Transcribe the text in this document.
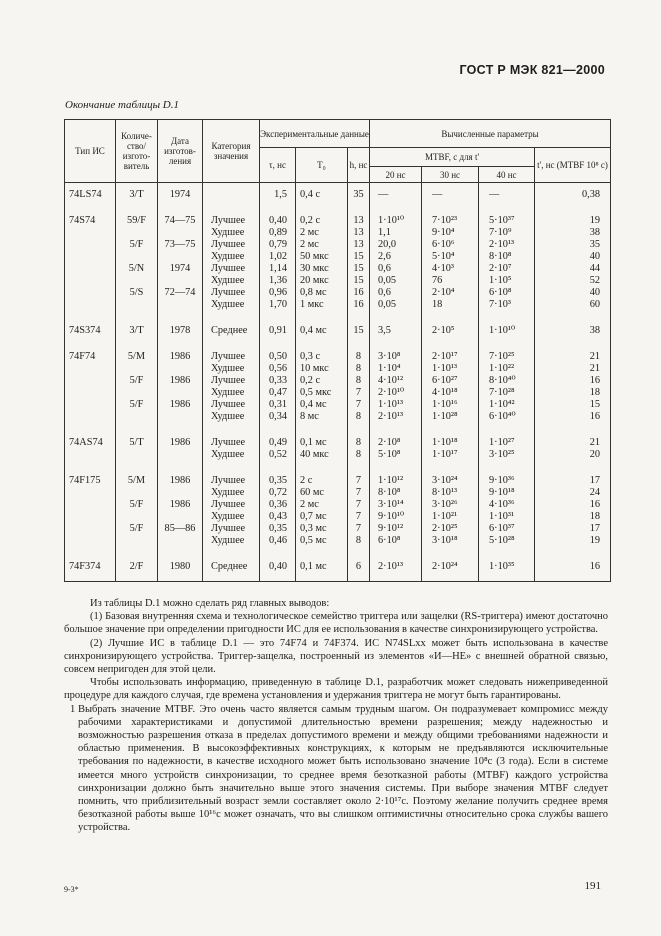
ГОСТ Р МЭК 821—2000
Окончание таблицы D.1
Тип ИС	Количество/ изготовитель	Дата изготовления	Категория значения	Экспериментальные данные			Вычисленные параметры			
				τ, нс	T₀	h, нс	MTBF, с для t'			t', нс (MTBF 10⁸ с)
							20 нс	30 нс	40 нс	
74LS74	3/T	1974		1,5	0,4 с	35	—	—	—	0,38
74S74	59/F	74—75	Лучшее	0,40	0,2 с	13	1·10¹⁰	7·10²³	5·10³⁷	19
			Худшее	0,89	2 мс	13	1,1	9·10⁴	7·10⁹	38
	5/F	73—75	Лучшее	0,79	2 мс	13	20,0	6·10⁶	2·10¹³	35
			Худшее	1,02	50 мкс	15	2,6	5·10⁴	8·10⁸	40
	5/N	1974	Лучшее	1,14	30 мкс	15	0,6	4·10³	2·10⁷	44
			Худшее	1,36	20 мкс	15	0,05	76	1·10⁵	52
	5/S	72—74	Лучшее	0,96	0,8 мс	16	0,6	2·10⁴	6·10⁸	40
			Худшее	1,70	1 мкс	16	0,05	18	7·10³	60
74S374	3/T	1978	Среднее	0,91	0,4 мс	15	3,5	2·10⁵	1·10¹⁰	38
74F74	5/M	1986	Лучшее	0,50	0,3 с	8	3·10⁸	2·10¹⁷	7·10²⁵	21
			Худшее	0,56	10 мкс	8	1·10⁴	1·10¹³	1·10²²	21
	5/F	1986	Лучшее	0,33	0,2 с	8	4·10¹²	6·10²⁷	8·10⁴⁰	16
			Худшее	0,47	0,5 мкс	7	2·10¹⁰	4·10¹⁸	7·10²⁸	18
	5/F	1986	Лучшее	0,31	0,4 мс	7	1·10¹³	1·10¹⁶	1·10⁴²	15
			Худшее	0,34	8 мс	8	2·10¹³	1·10²⁸	6·10⁴⁰	16
74AS74	5/T	1986	Лучшее	0,49	0,1 мс	8	2·10⁸	1·10¹⁸	1·10²⁷	21
			Худшее	0,52	40 мкс	8	5·10⁸	1·10¹⁷	3·10²⁵	20
74F175	5/M	1986	Лучшее	0,35	2 с	7	1·10¹²	3·10²⁴	9·10³⁶	17
			Худшее	0,72	60 мс	7	8·10⁸	8·10¹³	9·10¹⁸	24
	5/F	1986	Лучшее	0,36	2 мс	7	3·10¹⁴	3·10²⁶	4·10³⁶	16
			Худшее	0,43	0,7 мс	7	9·10¹⁰	1·10²¹	1·10³¹	18
	5/F	85—86	Лучшее	0,35	0,3 мс	7	9·10¹²	2·10²⁵	6·10³⁷	17
			Худшее	0,46	0,5 мс	8	6·10⁸	3·10¹⁸	5·10²⁸	19
74F374	2/F	1980	Среднее	0,40	0,1 мс	6	2·10¹³	2·10²⁴	1·10³⁵	16

Из таблицы D.1 можно сделать ряд главных выводов:

(1) Базовая внутренняя схема и технологическое семейство триггера или защелки (RS-триггера) имеют достаточно большое значение при определении пригодности ИС для ее использования в качестве синхронизирующего устройства.

(2) Лучшие ИС в таблице D.1 — это 74F74 и 74F374. ИС N74SLxx может быть использована в качестве синхронизирующего устройства. Триггер-защелка, построенный из элементов «И—НЕ» с внешней обратной связью, совсем непригоден для этой цели.

Чтобы использовать информацию, приведенную в таблице D.1, разработчик может следовать нижеприведенной процедуре для каждого случая, где времена установления и удержания триггера не могут быть гарантированы.

1 Выбрать значение MTBF. Это очень часто является самым трудным шагом. Он подразумевает компромисс между рабочими характеристиками и допустимой длительностью времени разрешения; между надежностью и возможностью разрешения отказа в пределах допустимого времени и между общими требованиями надежности и областью применения. В высокоэффективных конструкциях, к которым не предъявляются исключительные требования по надежности, в качестве исходного может быть использовано значение 10⁸с (3 года). Если в системе имеется много устройств синхронизации, то среднее время безотказной работы (MTBF) каждого устройства синхронизации должно быть значительно выше этого значения системы. При выборе значения MTBF следует помнить, что приблизительный возраст земли составляет около 2·10¹⁷с. Поэтому желание получить среднее время безотказной работы выше 10¹⁶с может означать, что вы слишком оптимистичны относительно срока службы вашего устройства.

9-3*	191
